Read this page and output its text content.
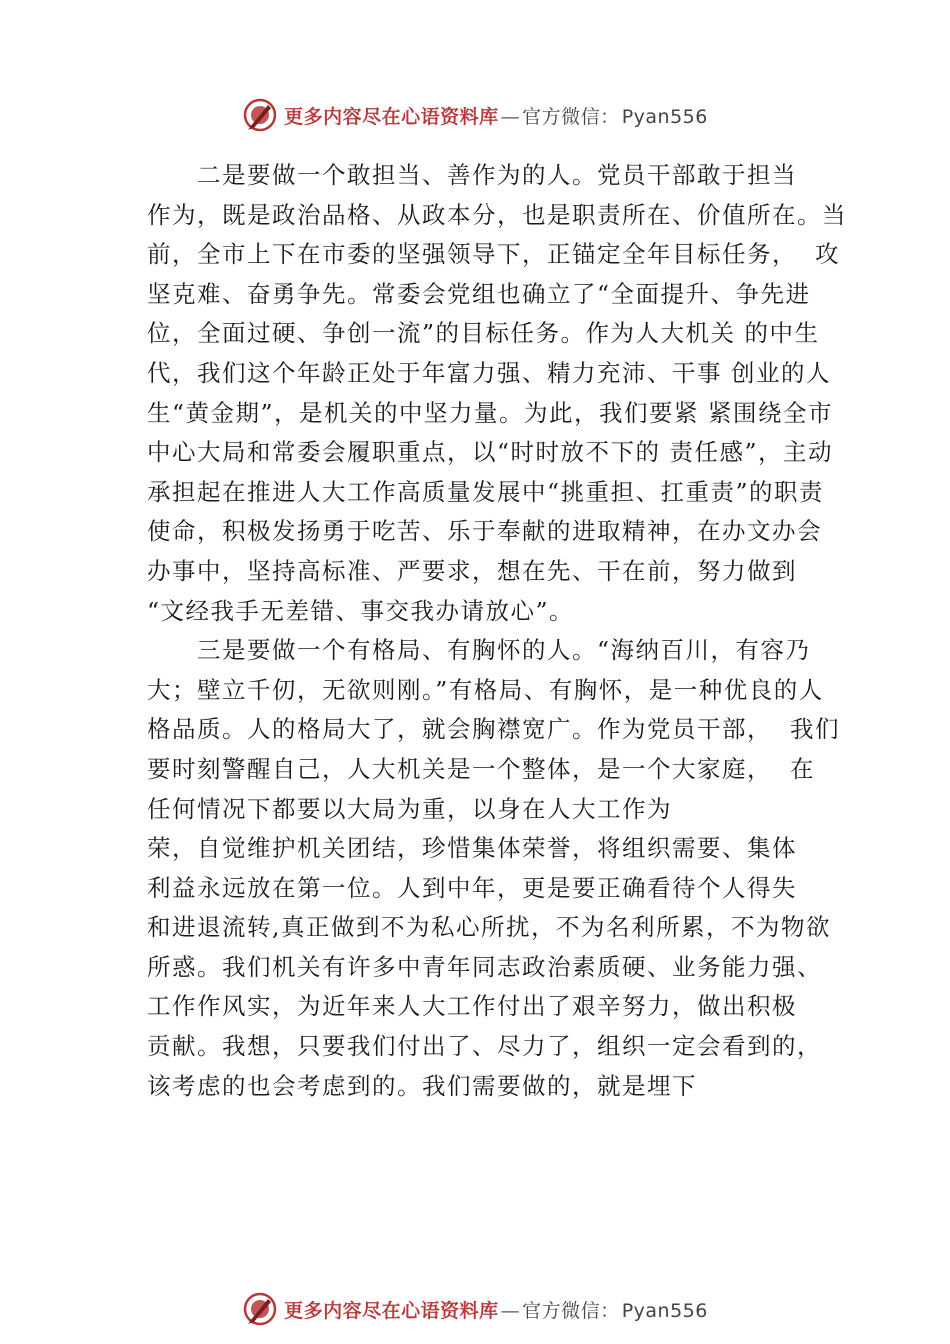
更多内容尽在心语资料库 — 官方微信： Pyan556
　　二是要做一个敢担当、善作为的人。党员干部敢于担当
作为，既是政治品格、从政本分，也是职责所在、价值所在。当
前，全市上下在市委的坚强领导下，正锚定全年目标任务，  攻
坚克难、奋勇争先。常委会党组也确立了“全面提升、争先进
位，全面过硬、争创一流”的目标任务。作为人大机关 的中生
代，我们这个年龄正处于年富力强、精力充沛、干事 创业的人
生“黄金期”，是机关的中坚力量。为此，我们要紧 紧围绕全市
中心大局和常委会履职重点，以“时时放不下的 责任感”，主动
承担起在推进人大工作高质量发展中“挑重担、扛重责”的职责
使命，积极发扬勇于吃苦、乐于奉献的进取精神，在办文办会
办事中，坚持高标准、严要求，想在先、干在前，努力做到
“文经我手无差错、事交我办请放心”。
　　三是要做一个有格局、有胸怀的人。“海纳百川，有容乃
大；壁立千仞，无欲则刚。”有格局、有胸怀，是一种优良的人
格品质。人的格局大了，就会胸襟宽广。作为党员干部，  我们
要时刻警醒自己，人大机关是一个整体，是一个大家庭，  在
任何情况下都要以大局为重，以身在人大工作为
荣，自觉维护机关团结，珍惜集体荣誉，将组织需要、集体
利益永远放在第一位。人到中年，更是要正确看待个人得失
和进退流转,真正做到不为私心所扰，不为名利所累，不为物欲
所惑。我们机关有许多中青年同志政治素质硬、业务能力强、
工作作风实，为近年来人大工作付出了艰辛努力，做出积极
贡献。我想，只要我们付出了、尽力了，组织一定会看到的，
该考虑的也会考虑到的。我们需要做的，就是埋下
更多内容尽在心语资料库 — 官方微信： Pyan556
